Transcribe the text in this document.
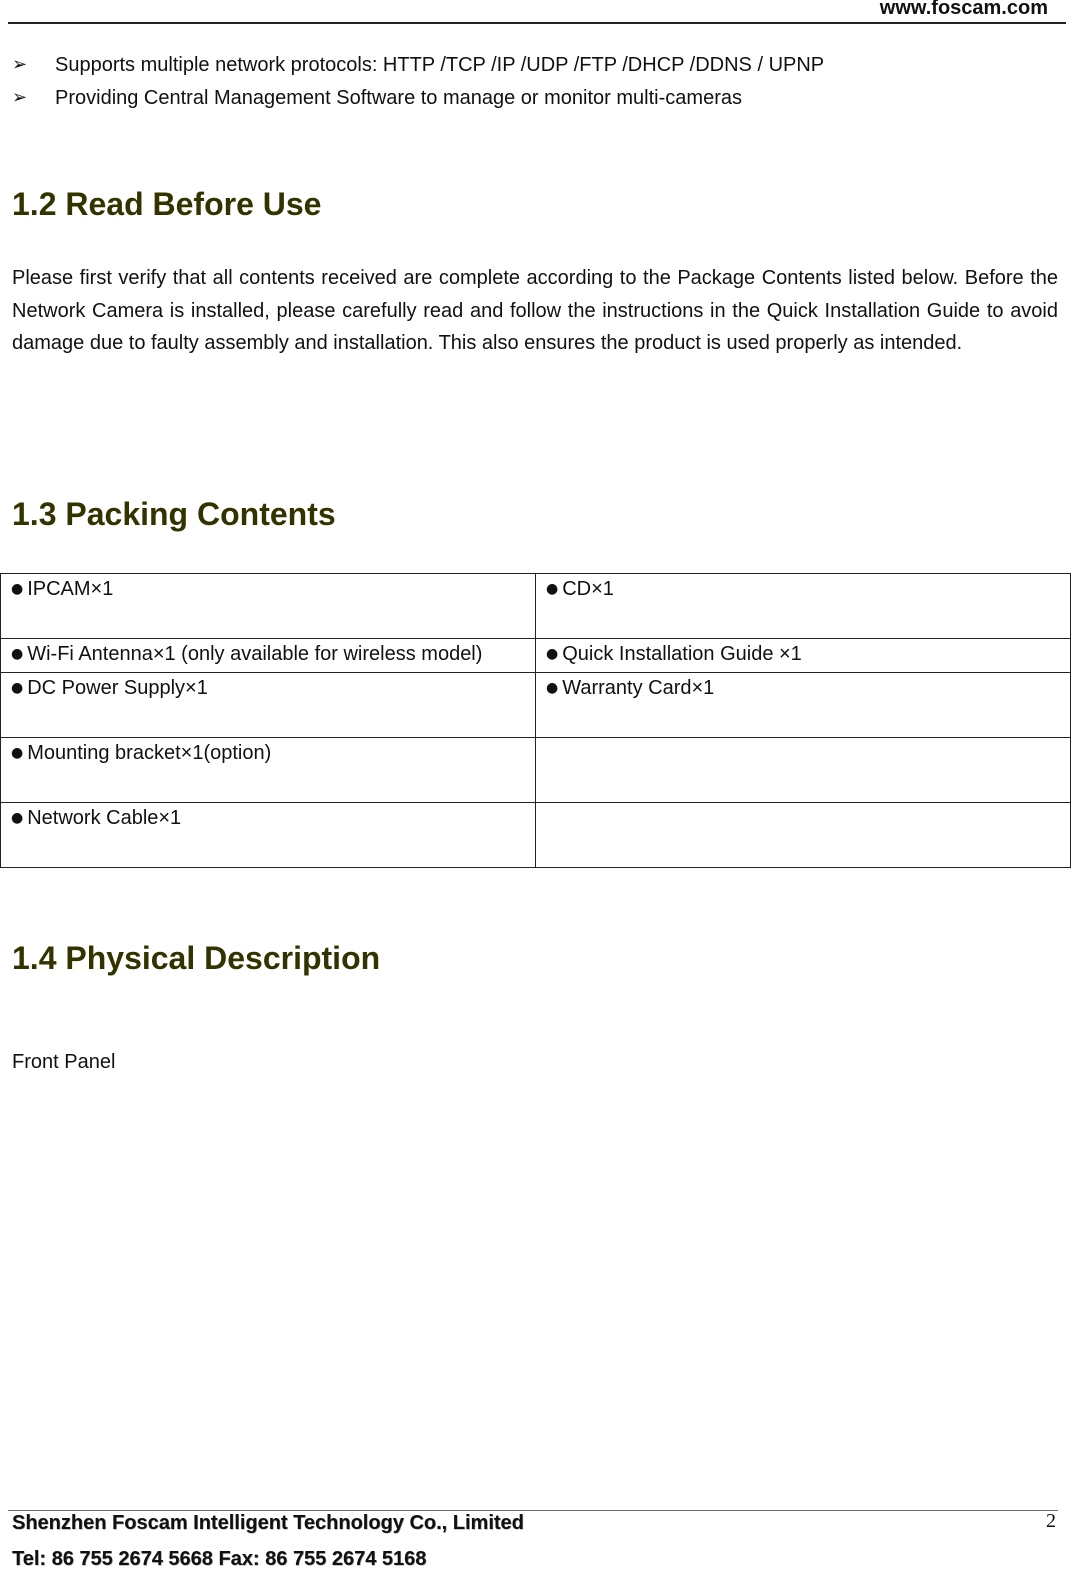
www.foscam.com
➢	Supports multiple network protocols: HTTP /TCP /IP /UDP /FTP /DHCP /DDNS / UPNP
➢	Providing Central Management Software to manage or monitor multi-cameras
1.2 Read Before Use

Please first verify that all contents received are complete according to the Package Contents listed below. Before the Network Camera is installed, please carefully read and follow the instructions in the Quick Installation Guide to avoid damage due to faulty assembly and installation. This also ensures the product is used properly as intended.

1.3 Packing Contents
● IPCAM×1	● CD×1
● Wi-Fi Antenna×1 (only available for wireless model)	● Quick Installation Guide ×1
● DC Power Supply×1	● Warranty Card×1
● Mounting bracket×1(option)	
● Network Cable×1	
1.4 Physical Description
Front Panel
Shenzhen Foscam Intelligent Technology Co., Limited
Tel: 86 755 2674 5668 Fax: 86 755 2674 5168
2
